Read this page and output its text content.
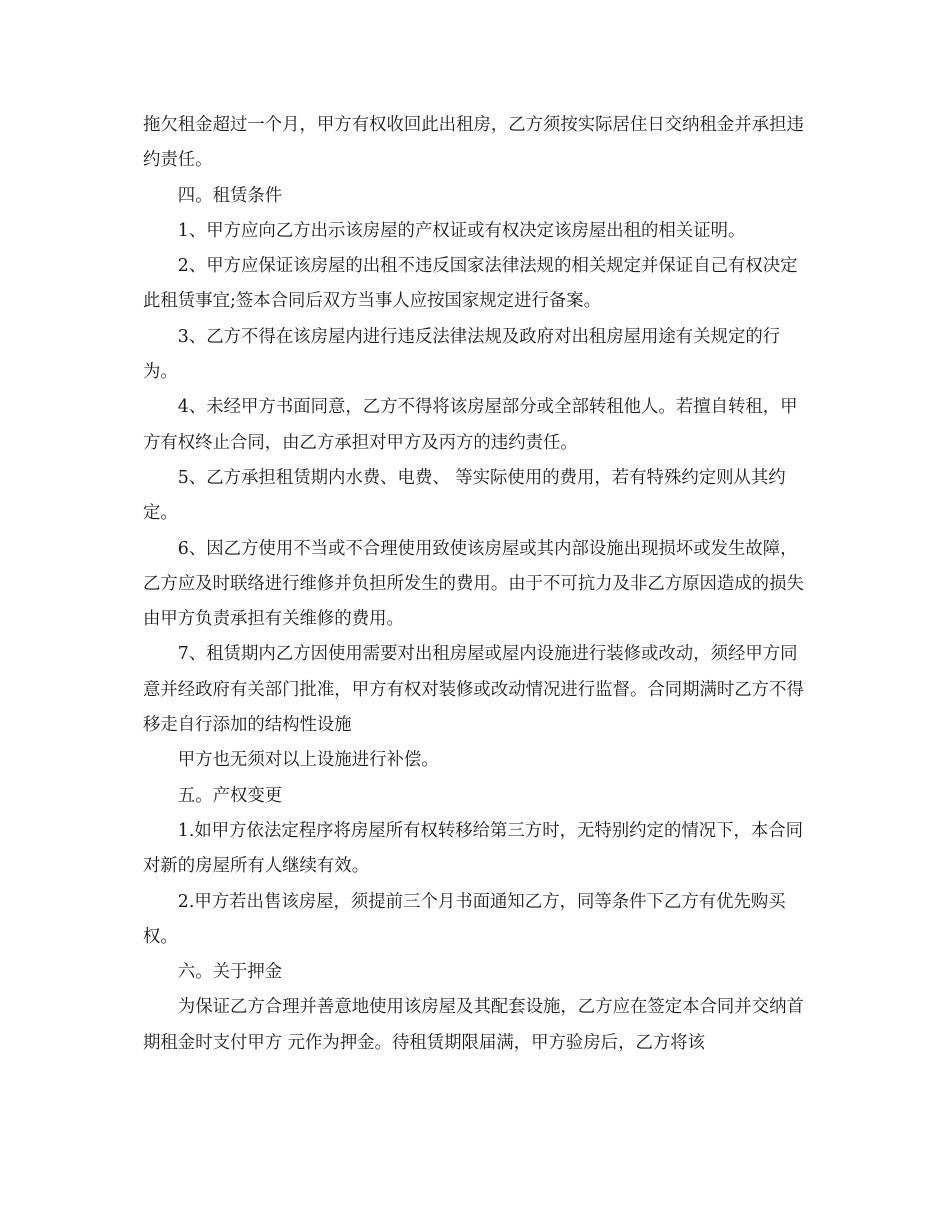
拖欠租金超过一个月，甲方有权收回此出租房，乙方须按实际居住日交纳租金并承担违约责任。

四。租赁条件

1、甲方应向乙方出示该房屋的产权证或有权决定该房屋出租的相关证明。

2、甲方应保证该房屋的出租不违反国家法律法规的相关规定并保证自己有权决定此租赁事宜;签本合同后双方当事人应按国家规定进行备案。

3、乙方不得在该房屋内进行违反法律法规及政府对出租房屋用途有关规定的行为。

4、未经甲方书面同意，乙方不得将该房屋部分或全部转租他人。若擅自转租，甲方有权终止合同，由乙方承担对甲方及丙方的违约责任。

5、乙方承担租赁期内水费、电费、 等实际使用的费用，若有特殊约定则从其约定。

6、因乙方使用不当或不合理使用致使该房屋或其内部设施出现损坏或发生故障，乙方应及时联络进行维修并负担所发生的费用。由于不可抗力及非乙方原因造成的损失由甲方负责承担有关维修的费用。

7、租赁期内乙方因使用需要对出租房屋或屋内设施进行装修或改动，须经甲方同意并经政府有关部门批准，甲方有权对装修或改动情况进行监督。合同期满时乙方不得移走自行添加的结构性设施

甲方也无须对以上设施进行补偿。

五。产权变更

1.如甲方依法定程序将房屋所有权转移给第三方时，无特别约定的情况下，本合同对新的房屋所有人继续有效。

2.甲方若出售该房屋，须提前三个月书面通知乙方，同等条件下乙方有优先购买权。

六。关于押金

为保证乙方合理并善意地使用该房屋及其配套设施，乙方应在签定本合同并交纳首期租金时支付甲方 元作为押金。待租赁期限届满，甲方验房后，乙方将该
